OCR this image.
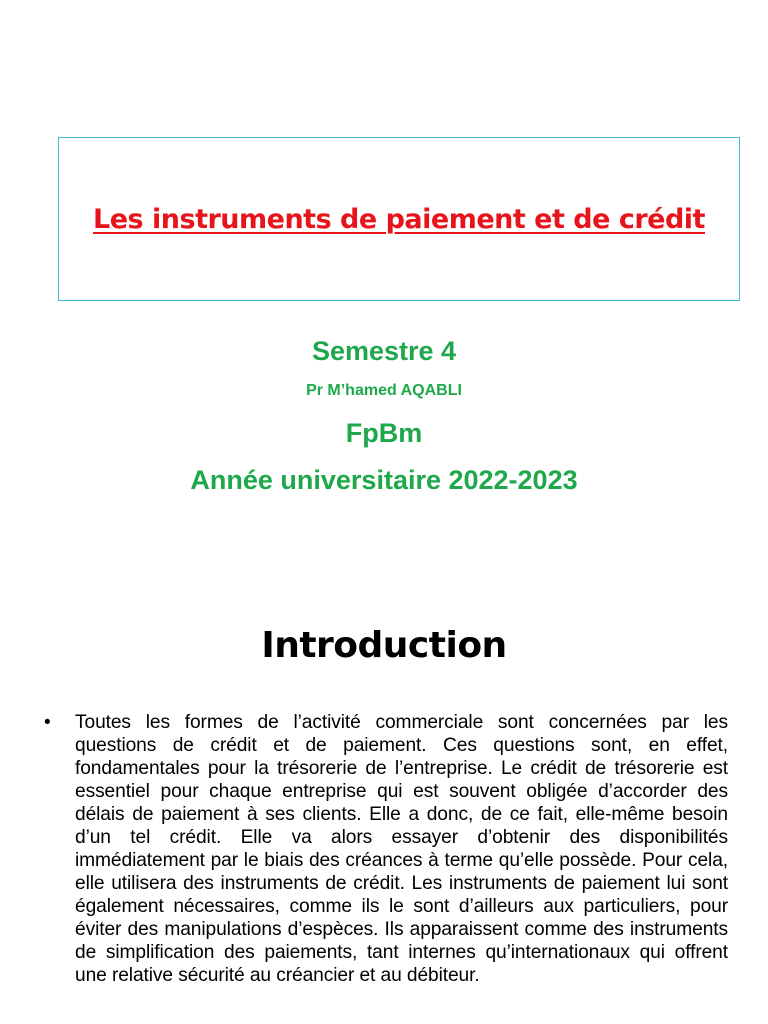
Les instruments de paiement et de crédit

Semestre 4

Pr M’hamed AQABLI

FpBm

Année universitaire 2022-2023

Introduction
• Toutes les formes de l’activité commerciale sont concernées par les questions de crédit et de paiement. Ces questions sont, en effet, fondamentales pour la trésorerie de l’entreprise. Le crédit de trésorerie est essentiel pour chaque entreprise qui est souvent obligée d’accorder des délais de paiement à ses clients. Elle a donc, de ce fait, elle-même besoin d’un tel crédit. Elle va alors essayer d’obtenir des disponibilités immédiatement par le biais des créances à terme qu’elle possède. Pour cela, elle utilisera des instruments de crédit. Les instruments de paiement lui sont également nécessaires, comme ils le sont d’ailleurs aux particuliers, pour éviter des manipulations d’espèces. Ils apparaissent comme des instruments de simplification des paiements, tant internes qu’internationaux qui offrent une relative sécurité au créancier et au débiteur.
